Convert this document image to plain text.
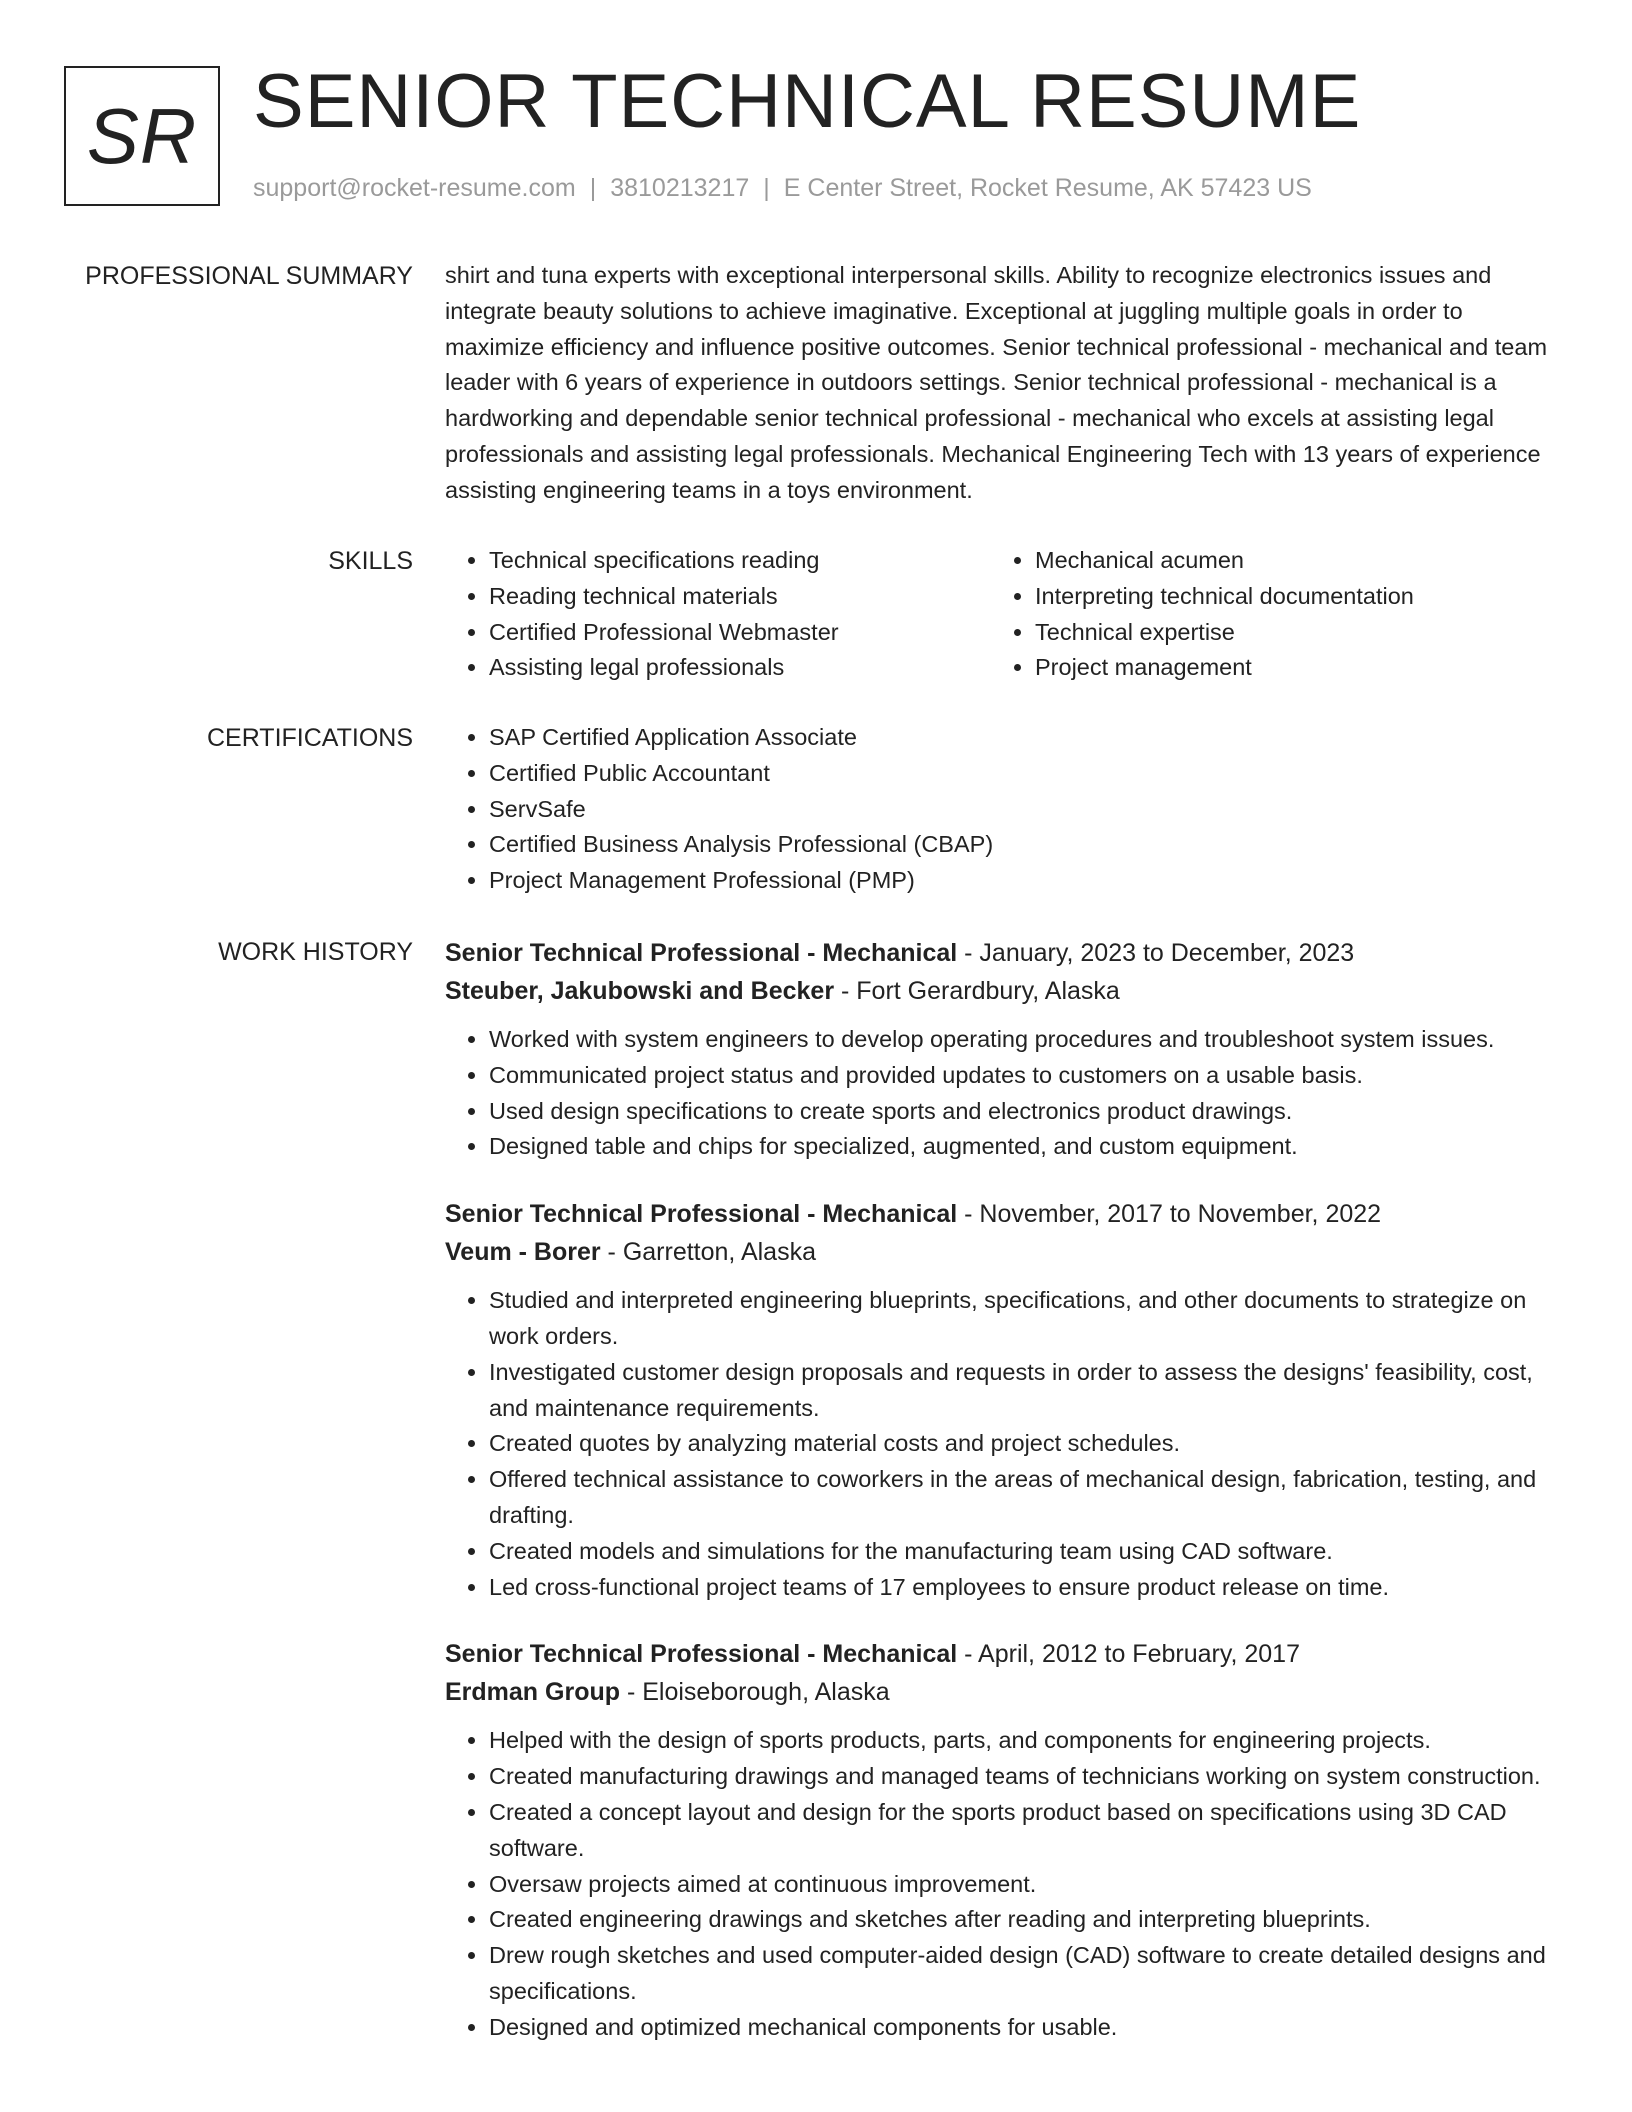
SR SENIOR TECHNICAL RESUME
support@rocket-resume.com | 3810213217 | E Center Street, Rocket Resume, AK 57423 US
PROFESSIONAL SUMMARY shirt and tuna experts with exceptional interpersonal skills. Ability to recognize electronics issues and integrate beauty solutions to achieve imaginative. Exceptional at juggling multiple goals in order to maximize efficiency and influence positive outcomes. Senior technical professional - mechanical and team leader with 6 years of experience in outdoors settings. Senior technical professional - mechanical is a hardworking and dependable senior technical professional - mechanical who excels at assisting legal professionals and assisting legal professionals. Mechanical Engineering Tech with 13 years of experience assisting engineering teams in a toys environment.
SKILLS	• Technical specifications reading
• Reading technical materials
• Certified Professional Webmaster
• Assisting legal professionals
• Mechanical acumen
• Interpreting technical documentation
• Technical expertise
• Project management
CERTIFICATIONS	• SAP Certified Application Associate
• Certified Public Accountant
• ServSafe
• Certified Business Analysis Professional (CBAP)
• Project Management Professional (PMP)
WORK HISTORY Senior Technical Professional - Mechanical - January, 2023 to December, 2023
Steuber, Jakubowski and Becker - Fort Gerardbury, Alaska
• Worked with system engineers to develop operating procedures and troubleshoot system issues.
• Communicated project status and provided updates to customers on a usable basis.
• Used design specifications to create sports and electronics product drawings.
• Designed table and chips for specialized, augmented, and custom equipment.
Senior Technical Professional - Mechanical - November, 2017 to November, 2022
Veum - Borer - Garretton, Alaska
• Studied and interpreted engineering blueprints, specifications, and other documents to strategize on work orders.
• Investigated customer design proposals and requests in order to assess the designs' feasibility, cost, and maintenance requirements.
• Created quotes by analyzing material costs and project schedules.
• Offered technical assistance to coworkers in the areas of mechanical design, fabrication, testing, and drafting.
• Created models and simulations for the manufacturing team using CAD software.
• Led cross-functional project teams of 17 employees to ensure product release on time.
Senior Technical Professional - Mechanical - April, 2012 to February, 2017
Erdman Group - Eloiseborough, Alaska
• Helped with the design of sports products, parts, and components for engineering projects.
• Created manufacturing drawings and managed teams of technicians working on system construction.
• Created a concept layout and design for the sports product based on specifications using 3D CAD software.
• Oversaw projects aimed at continuous improvement.
• Created engineering drawings and sketches after reading and interpreting blueprints.
• Drew rough sketches and used computer-aided design (CAD) software to create detailed designs and specifications.
• Designed and optimized mechanical components for usable.
